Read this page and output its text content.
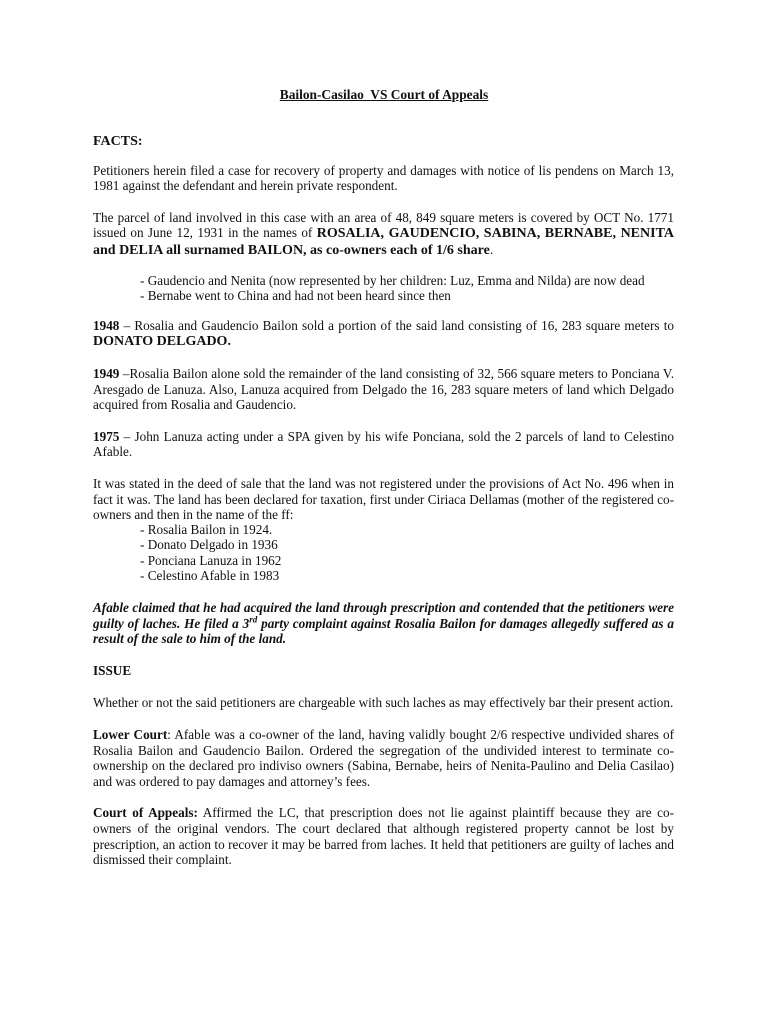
Bailon-Casilao  VS Court of Appeals
FACTS:

Petitioners herein filed a case for recovery of property and damages with notice of lis pendens on March 13, 1981 against the defendant and herein private respondent.

The parcel of land involved in this case with an area of 48, 849 square meters is covered by OCT No. 1771 issued on June 12, 1931 in the names of ROSALIA, GAUDENCIO, SABINA, BERNABE, NENITA and DELIA all surnamed BAILON, as co-owners each of 1/6 share.

- Gaudencio and Nenita (now represented by her children: Luz, Emma and Nilda) are now dead
- Bernabe went to China and had not been heard since then

1948 – Rosalia and Gaudencio Bailon sold a portion of the said land consisting of 16, 283 square meters to DONATO DELGADO.

1949 –Rosalia Bailon alone sold the remainder of the land consisting of 32, 566 square meters to Ponciana V. Aresgado de Lanuza. Also, Lanuza acquired from Delgado the 16, 283 square meters of land which Delgado acquired from Rosalia and Gaudencio.

1975 – John Lanuza acting under a SPA given by his wife Ponciana, sold the 2 parcels of land to Celestino Afable.

It was stated in the deed of sale that the land was not registered under the provisions of Act No. 496 when in fact it was. The land has been declared for taxation, first under Ciriaca Dellamas (mother of the registered co-owners and then in the name of the ff:

- Rosalia Bailon in 1924.
- Donato Delgado in 1936
- Ponciana Lanuza in 1962
- Celestino Afable in 1983

Afable claimed that he had acquired the land through prescription and contended that the petitioners were guilty of laches. He filed a 3rd party complaint against Rosalia Bailon for damages allegedly suffered as a result of the sale to him of the land.

ISSUE

Whether or not the said petitioners are chargeable with such laches as may effectively bar their present action.

Lower Court: Afable was a co-owner of the land, having validly bought 2/6 respective undivided shares of Rosalia Bailon and Gaudencio Bailon. Ordered the segregation of the undivided interest to terminate co-ownership on the declared pro indiviso owners (Sabina, Bernabe, heirs of Nenita-Paulino and Delia Casilao) and was ordered to pay damages and attorney’s fees.

Court of Appeals: Affirmed the LC, that prescription does not lie against plaintiff because they are co-owners of the original vendors. The court declared that although registered property cannot be lost by prescription, an action to recover it may be barred from laches. It held that petitioners are guilty of laches and dismissed their complaint.
